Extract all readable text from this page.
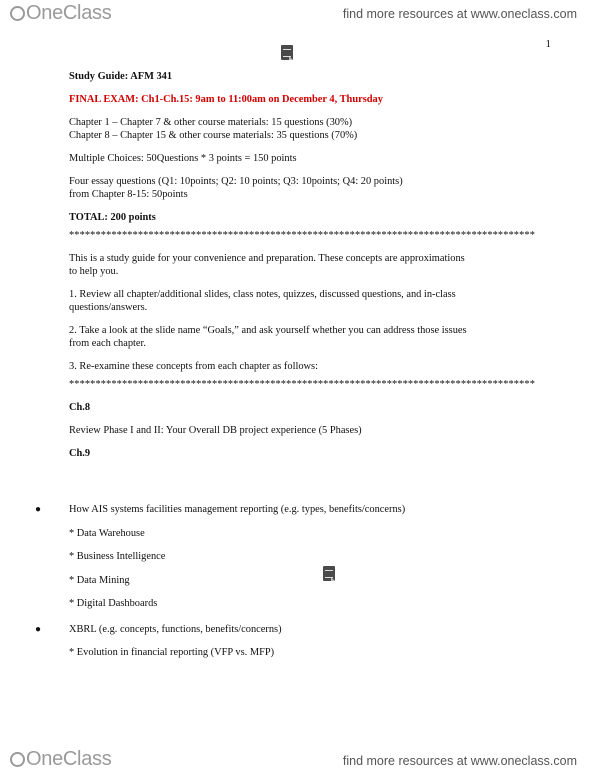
OneClass	find more resources at www.oneclass.com
1

Study Guide: AFM 341

FINAL EXAM: Ch1-Ch.15: 9am to 11:00am on December 4, Thursday

Chapter 1 – Chapter 7 & other course materials: 15 questions (30%)

Chapter 8 – Chapter 15 & other course materials: 35 questions (70%)

Multiple Choices: 50Questions * 3 points = 150 points

Four essay questions (Q1: 10points; Q2: 10 points; Q3: 10points; Q4: 20 points)

from Chapter 8-15: 50points

TOTAL: 200 points

****************************************************************************************

This is a study guide for your convenience and preparation. These concepts are approximations

to help you.

1. Review all chapter/additional slides, class notes, quizzes, discussed questions, and in-class

questions/answers.

2. Take a look at the slide name “Goals,” and ask yourself whether you can address those issues

from each chapter.

3. Re-examine these concepts from each chapter as follows:

****************************************************************************************

Ch.8

Review Phase I and II: Your Overall DB project experience (5 Phases)

Ch.9

●	How AIS systems facilities management reporting (e.g. types, benefits/concerns)

* Data Warehouse

* Business Intelligence

* Data Mining

* Digital Dashboards

●	XBRL (e.g. concepts, functions, benefits/concerns)

* Evolution in financial reporting (VFP vs. MFP)

OneClass	find more resources at www.oneclass.com
